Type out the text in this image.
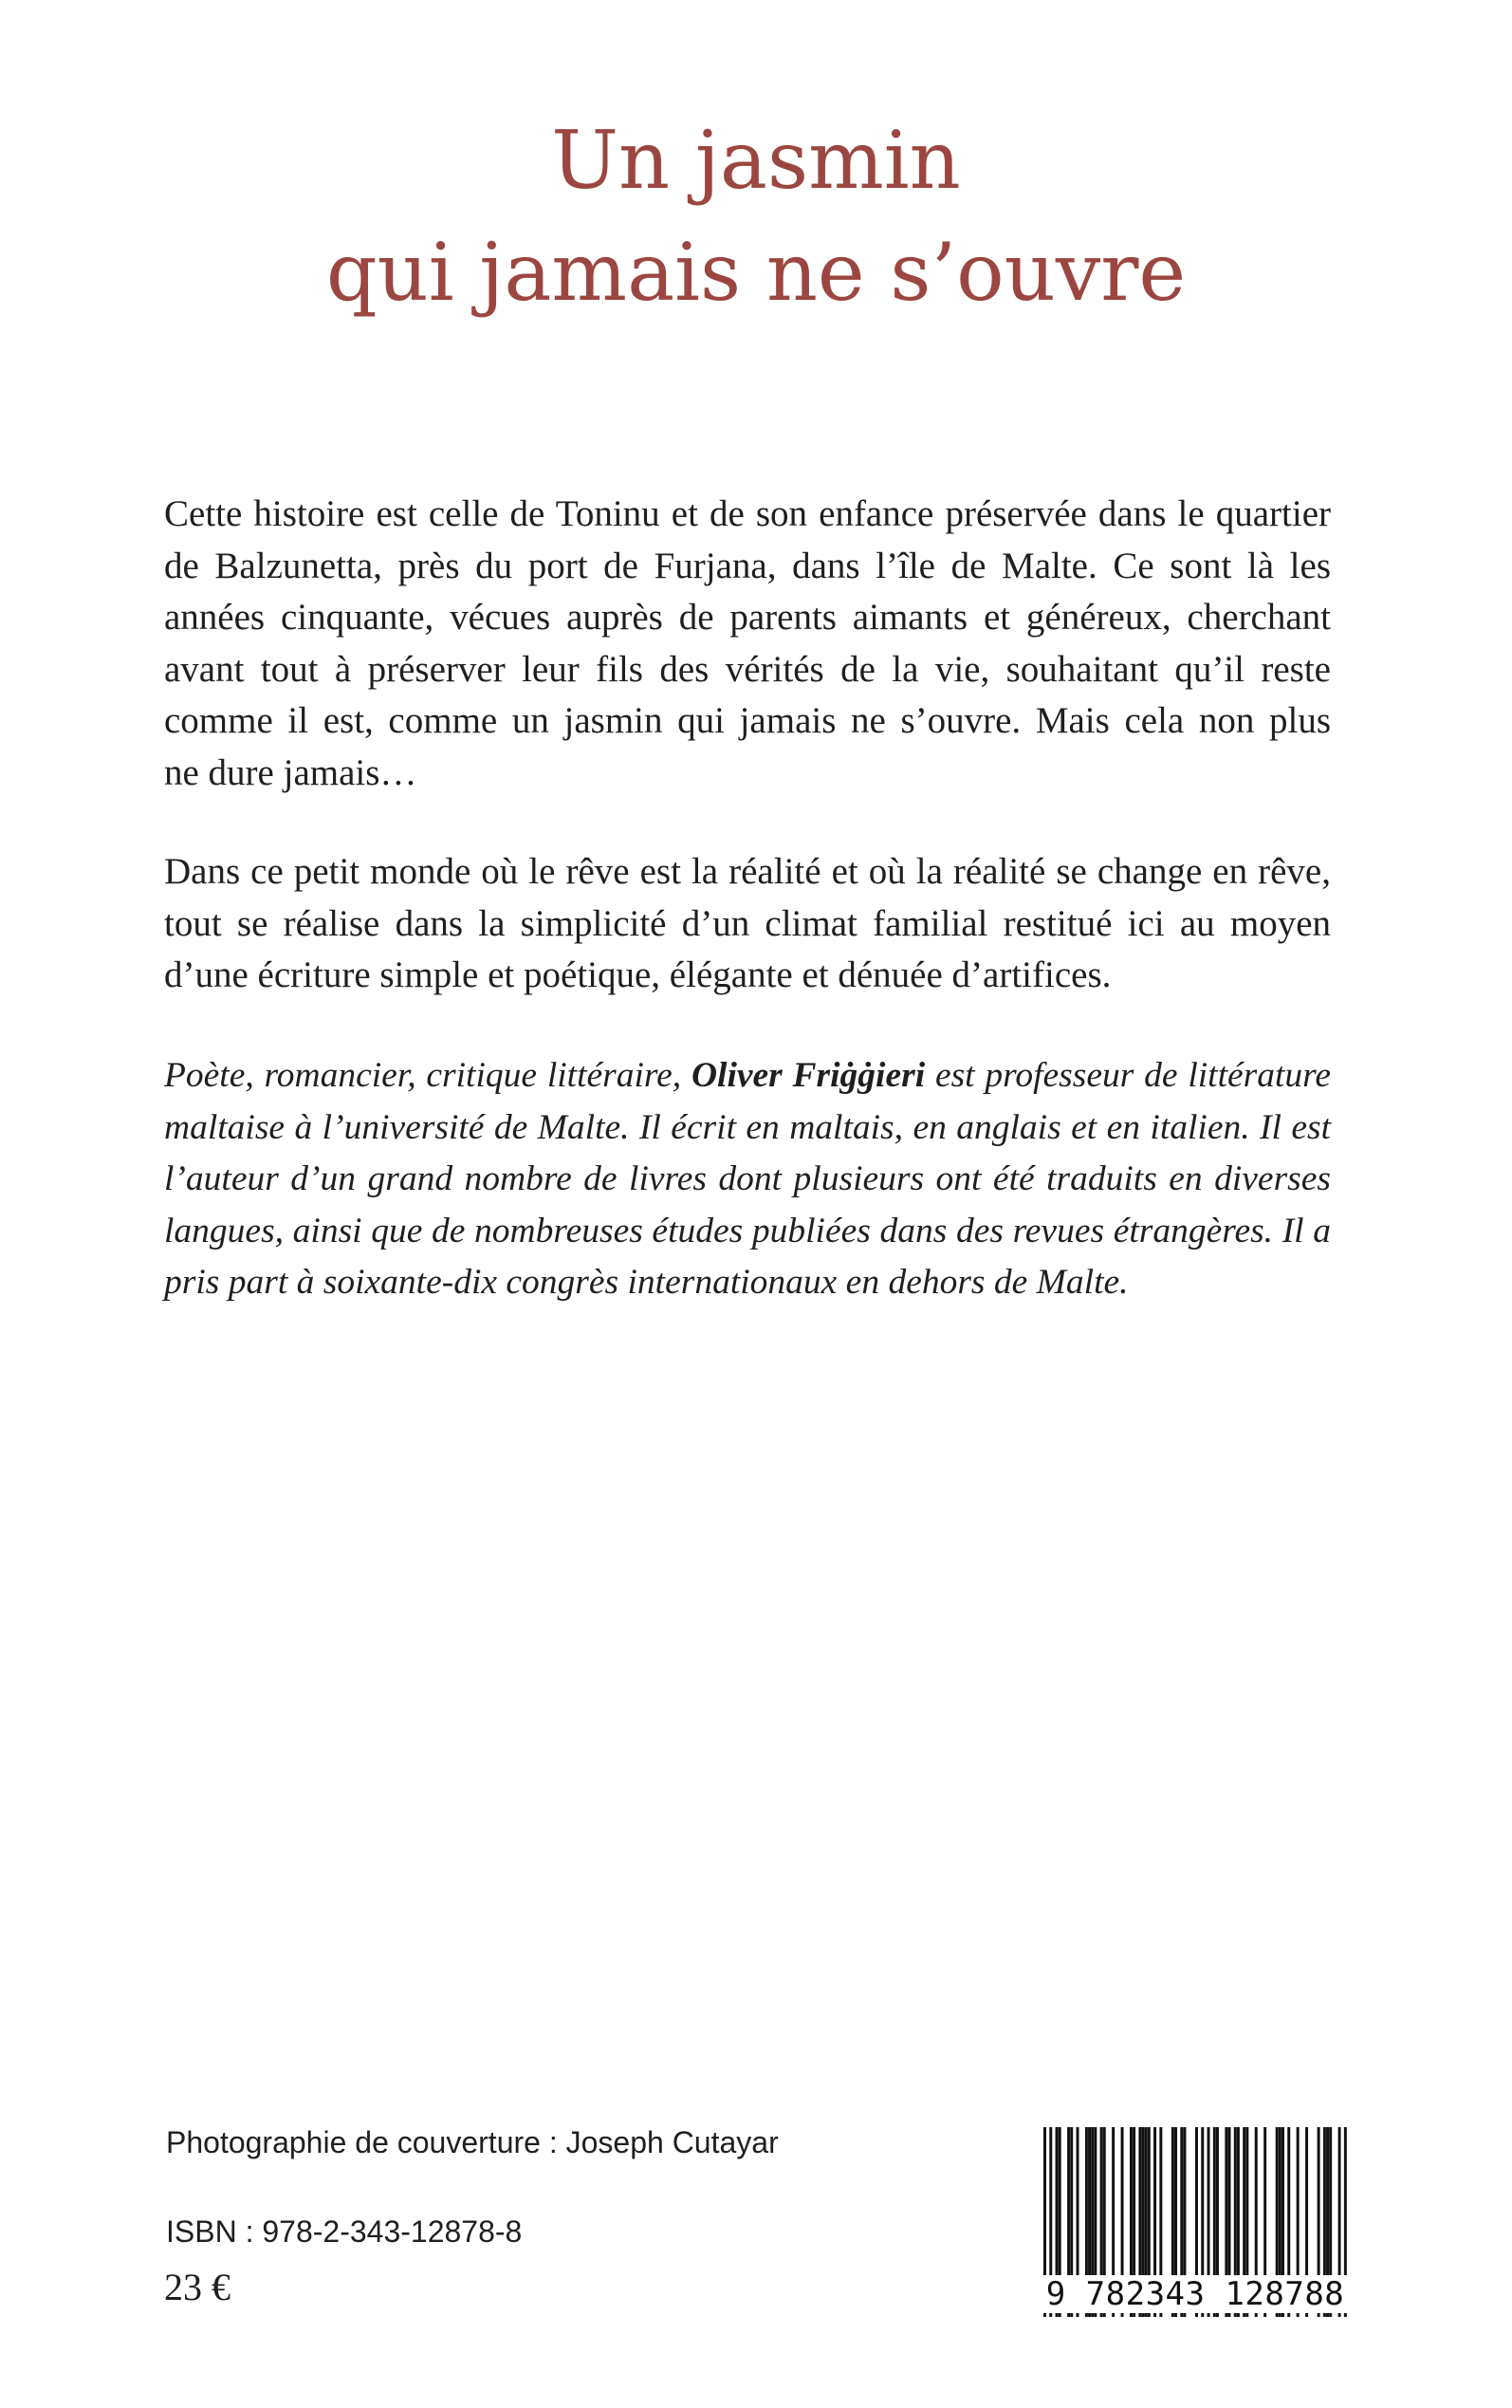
Un jasmin
qui jamais ne s’ouvre

Cette histoire est celle de Toninu et de son enfance préservée dans le quartier
de Balzunetta, près du port de Furjana, dans l’île de Malte. Ce sont là les
années cinquante, vécues auprès de parents aimants et généreux, cherchant
avant tout à préserver leur fils des vérités de la vie, souhaitant qu’il reste
comme il est, comme un jasmin qui jamais ne s’ouvre. Mais cela non plus
ne dure jamais…

Dans ce petit monde où le rêve est la réalité et où la réalité se change en rêve,
tout se réalise dans la simplicité d’un climat familial restitué ici au moyen
d’une écriture simple et poétique, élégante et dénuée d’artifices.

Poète, romancier, critique littéraire, Oliver Friġġieri est professeur de littérature
maltaise à l’université de Malte. Il écrit en maltais, en anglais et en italien. Il est
l’auteur d’un grand nombre de livres dont plusieurs ont été traduits en diverses
langues, ainsi que de nombreuses études publiées dans des revues étrangères. Il a
pris part à soixante-dix congrès internationaux en dehors de Malte.

Photographie de couverture : Joseph Cutayar

ISBN : 978-2-343-12878-8

23 €	9 782343 128788
